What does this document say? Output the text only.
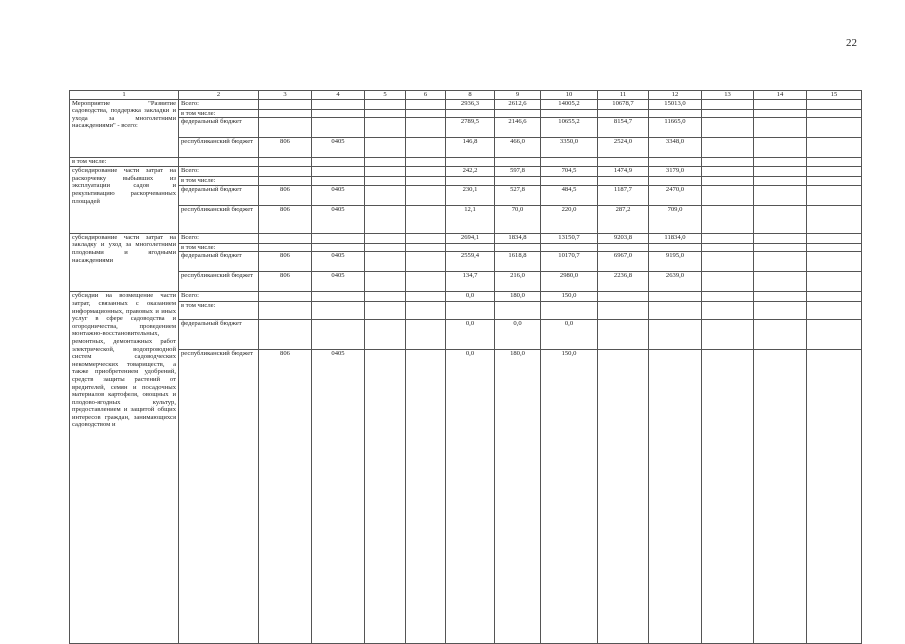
22
1	2	3	4	5	6	8	9	10	11	12	13	14	15
Мероприятие "Развитие садоводства, поддержка закладки и ухода за многолетними насаждениями" - всего:	Всего:					2936,3	2612,6	14005,2	10678,7	15013,0			
	в том числе:												
	федеральный бюджет					2789,5	2146,6	10655,2	8154,7	11665,0			
	республиканский бюджет	806	0405			146,8	466,0	3350,0	2524,0	3348,0			
в том числе:													
субсидирование части затрат на раскорчевку выбывших из эксплуатации садов и рекультивацию раскорчеванных площадей	Всего:					242,2	597,8	704,5	1474,9	3179,0			
	в том числе:												
	федеральный бюджет	806	0405			230,1	527,8	484,5	1187,7	2470,0			
	республиканский бюджет	806	0405			12,1	70,0	220,0	287,2	709,0			
субсидирование части затрат на закладку и уход за многолетними плодовыми и ягодными насаждениями	Всего:					2694,1	1834,8	13150,7	9203,8	11834,0			
	в том числе:												
	федеральный бюджет	806	0405			2559,4	1618,8	10170,7	6967,0	9195,0			
	республиканский бюджет	806	0405			134,7	216,0	2980,0	2236,8	2639,0			
субсидии на возмещение части затрат, связанных с оказанием информационных, правовых и иных услуг в сфере садоводства и огородничества, проведением монтажно-восстановительных, ремонтных, демонтажных работ электрической, водопроводной систем садоводческих некоммерческих товариществ, а также приобретением удобрений, средств защиты растений от вредителей, семян и посадочных материалов картофеля, овощных и плодово-ягодных культур, предоставлением и защитой общих интересов граждан, занимающихся садоводством и	Всего:					0,0	180,0	150,0					
	в том числе:												
	федеральный бюджет					0,0	0,0	0,0					
	республиканский бюджет	806	0405			0,0	180,0	150,0					
